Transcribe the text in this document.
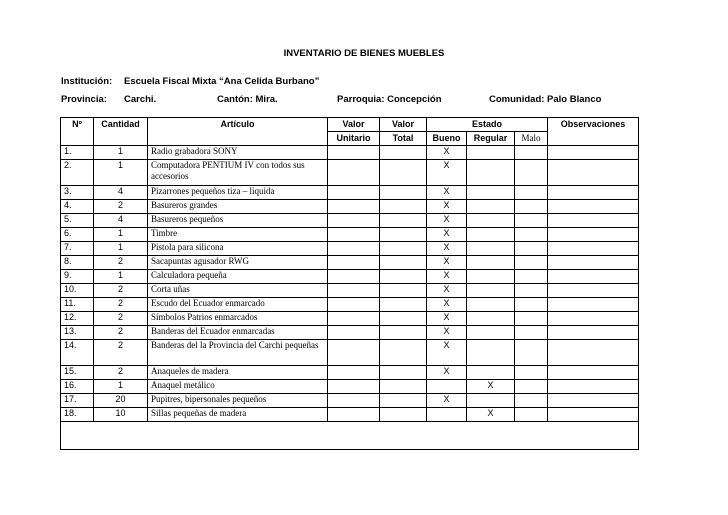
INVENTARIO DE BIENES MUEBLES
Institución: Escuela Fiscal Mixta “Ana Celida Burbano”
Provincia: Carchi.	Cantón: Mira.	Parroquia: Concepción	Comunidad: Palo Blanco
Nº	Cantidad	Artículo	Valor	Valor	Estado			Observaciones
			Unitario	Total	Bueno	Regular	Malo	
1.	1	Radio grabadora SONY			X			
2.	1	Computadora PENTIUM IV con todos sus accesorios			X			
3.	4	Pizarrones pequeños tiza – liquida			X			
4.	2	Basureros grandes			X			
5.	4	Basureros pequeños			X			
6.	1	Timbre			X			
7.	1	Pistola para silicona			X			
8.	2	Sacapuntas agusador RWG			X			
9.	1	Calculadora pequeña			X			
10.	2	Corta uñas			X			
11.	2	Escudo del Ecuador enmarcado			X			
12.	2	Símbolos Patrios enmarcados			X			
13.	2	Banderas del Ecuador enmarcadas			X			
14.	2	Banderas del la Provincia del Carchi pequeñas			X			
15.	2	Anaqueles de madera			X			
16.	1	Anaquel metálico				X		
17.	20	Pupitres, bipersonales pequeños			X			
18.	10	Sillas pequeñas de madera				X		
